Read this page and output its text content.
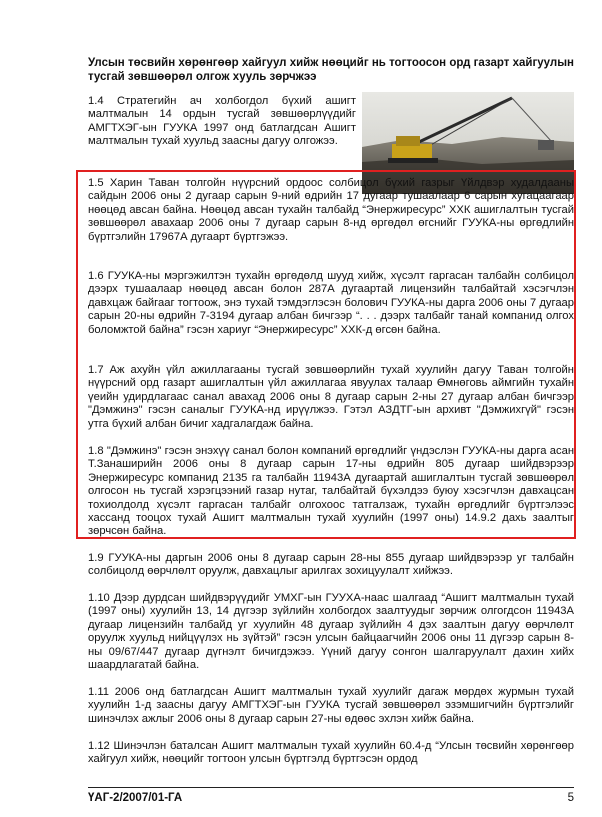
Улсын төсвийн хөрөнгөөр хайгуул хийж нөөцийг нь тогтоосон орд газарт хайгуулын тусгай зөвшөөрөл олгож хууль зөрчжээ

1.4 Стратегийн ач холбогдол бүхий ашигт малтмалын 14 ордын тусгай зөвшөөрлүүдийг АМГТХЭГ-ын ГУУКА 1997 онд батлагдсан Ашигт малтмалын тухай хуульд заасны дагуу олгожээ.

1.5 Харин Таван толгойн нүүрсний ордоос солбицол бүхий газрыг Үйлдвэр худалдааны сайдын 2006 оны 2 дугаар сарын 9-ний өдрийн 17 дугаар тушаалаар 6 сарын хугацаагаар нөөцөд авсан байна. Нөөцөд авсан тухайн талбайд “Энержиресурс” ХХК ашиглалтын тусгай зөвшөөрөл авахаар 2006 оны 7 дугаар сарын 8-нд өргөдөл өгснийг ГУУКА-ны өргөдлийн бүртгэлийн 17967А дугаарт бүртгэжээ.

1.6 ГУУКА-ны мэргэжилтэн тухайн өргөдөлд шууд хийж, хүсэлт гаргасан талбайн солбицол дээрх тушаалаар нөөцөд авсан болон 287А дугаартай лицензийн талбайтай хэсэгчлэн давхцаж байгааг тогтоож, энэ тухай тэмдэглэсэн болович ГУУКА-ны дарга 2006 оны 7 дугаар сарын 20-ны өдрийн 7-3194 дугаар албан бичгээр “. . . дээрх талбайг танай компанид олгох боломжтой байна” гэсэн хариуг “Энержиресурс” ХХК-д өгсөн байна.

1.7 Аж ахуйн үйл ажиллагааны тусгай зөвшөөрлийн тухай хуулийн дагуу Таван толгойн нүүрсний орд газарт ашиглалтын үйл ажиллагаа явуулах талаар Өмнөговь аймгийн тухайн үеийн удирдлагаас санал авахад 2006 оны 8 дугаар сарын 2-ны 27 дугаар албан бичгээр "Дэмжинэ" гэсэн саналыг ГУУКА-нд ирүүлжээ. Гэтэл АЗДТГ-ын архивт "Дэмжихгүй" гэсэн утга бүхий албан бичиг хадгалагдаж байна.

1.8 "Дэмжинэ" гэсэн энэхүү санал болон компаний өргөдлийг үндэслэн ГУУКА-ны дарга асан Т.Занаширийн 2006 оны 8 дугаар сарын 17-ны өдрийн 805 дугаар шийдвэрээр Энержиресурс компанид 2135 га талбайн 11943А дугаартай ашиглалтын тусгай зөвшөөрөл олгосон нь тусгай хэрэгцээний газар нутаг, талбайтай бүхэлдээ буюу хэсэгчлэн давхацсан тохиолдолд хүсэлт гаргасан талбайг олгохоос татгалзаж, тухайн өргөдлийг бүртгэлээс хассанд тооцох тухай Ашигт малтмалын тухай хуулийн (1997 оны) 14.9.2 дахь заалтыг зөрчсөн байна.

1.9 ГУУКА-ны даргын 2006 оны 8 дугаар сарын 28-ны 855 дугаар шийдвэрээр уг талбайн солбицолд өөрчлөлт оруулж, давхацлыг арилгах зохицуулалт хийжээ.

1.10 Дээр дурдсан шийдвэрүүдийг УМХГ-ын ГУУХА-наас шалгаад “Ашигт малтмалын тухай (1997 оны) хуулийн 13, 14 дүгээр зүйлийн холбогдох заалтуудыг зөрчиж олгогдсон 11943А дугаар лицензийн талбайд уг хуулийн 48 дугаар зүйлийн 4 дэх заалтын дагуу өөрчлөлт оруулж хуульд нийцүүлэх нь зүйтэй” гэсэн улсын байцаагчийн 2006 оны 11 дүгээр сарын 8-ны 09/67/447 дугаар дүгнэлт бичигдэжээ. Үүний дагуу сонгон шалгаруулалт дахин хийх шаардлагатай байна.

1.11 2006 онд батлагдсан Ашигт малтмалын тухай хуулийг дагаж мөрдөх журмын тухай хуулийн 1-д заасны дагуу АМГТХЭГ-ын ГУУКА тусгай зөвшөөрөл эзэмшигчийн бүртгэлийг шинэчлэх ажлыг 2006 оны 8 дугаар сарын 27-ны өдөөс эхлэн хийж байна.

1.12 Шинэчлэн баталсан Ашигт малтмалын тухай хуулийн 60.4-д “Улсын төсвийн хөрөнгөөр хайгуул хийж, нөөцийг тогтоон улсын бүртгэлд бүртгэсэн ордод

ҮАГ-2/2007/01-ГА	5
